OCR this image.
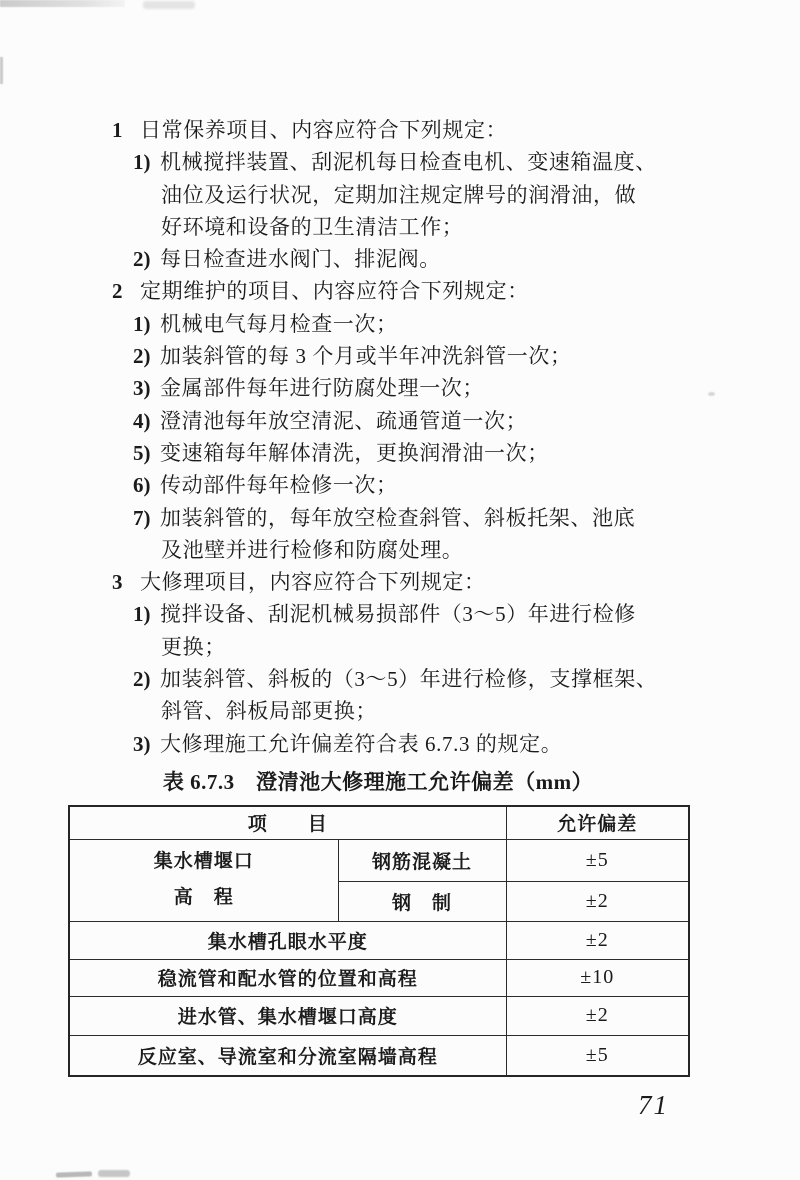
1 日常保养项目、内容应符合下列规定：
1) 机械搅拌装置、刮泥机每日检查电机、变速箱温度、
油位及运行状况，定期加注规定牌号的润滑油，做
好环境和设备的卫生清洁工作；
2) 每日检查进水阀门、排泥阀。
2 定期维护的项目、内容应符合下列规定：
1) 机械电气每月检查一次；
2) 加装斜管的每 3 个月或半年冲洗斜管一次；
3) 金属部件每年进行防腐处理一次；
4) 澄清池每年放空清泥、疏通管道一次；
5) 变速箱每年解体清洗，更换润滑油一次；
6) 传动部件每年检修一次；
7) 加装斜管的，每年放空检查斜管、斜板托架、池底
及池壁并进行检修和防腐处理。
3 大修理项目，内容应符合下列规定：
1) 搅拌设备、刮泥机械易损部件（3～5）年进行检修
更换；
2) 加装斜管、斜板的（3～5）年进行检修，支撑框架、
斜管、斜板局部更换；
3) 大修理施工允许偏差符合表 6.7.3 的规定。
表 6.7.3　澄清池大修理施工允许偏差（mm）
项　　目		允许偏差

集水槽堰口
高　程	钢筋混凝土	±5
	钢　制	±2
集水槽孔眼水平度		±2
稳流管和配水管的位置和高程		±10
进水管、集水槽堰口高度		±2
反应室、导流室和分流室隔墙高程		±5
71
